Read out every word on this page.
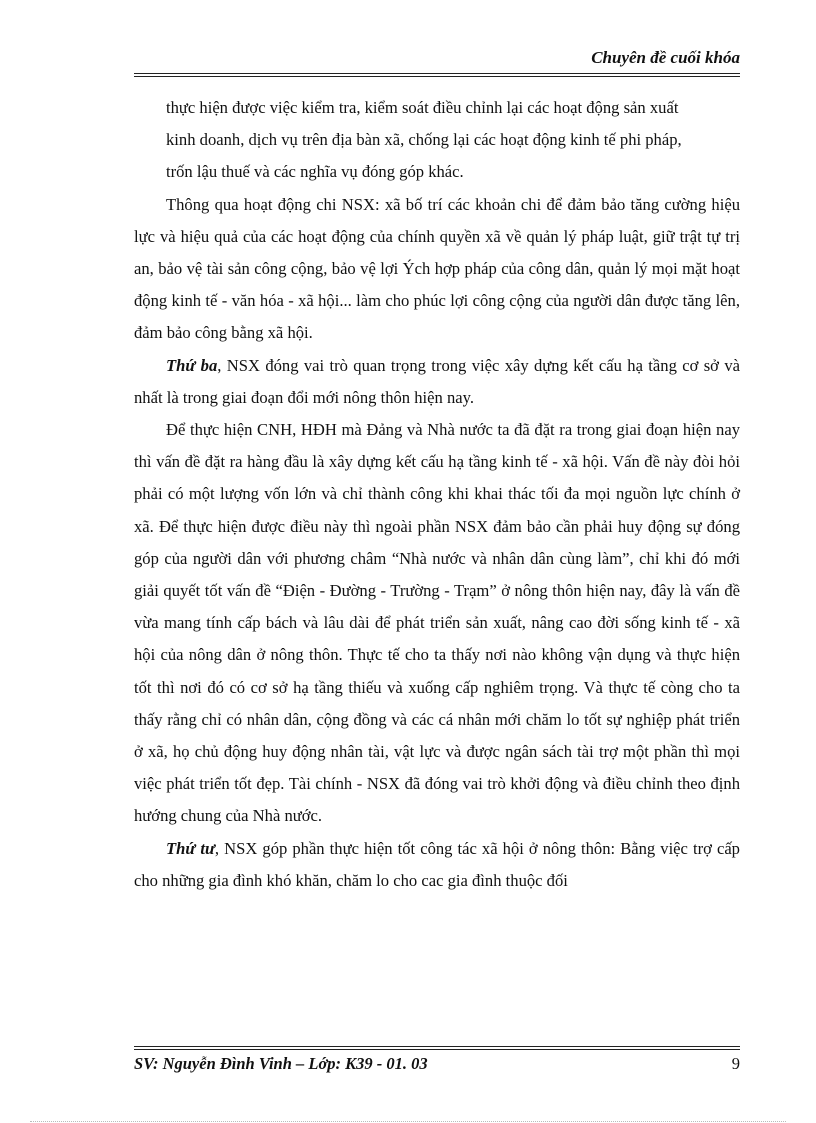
Chuyên đề cuối khóa

thực hiện được việc kiểm tra, kiểm soát điều chỉnh lại các hoạt động sản xuất

kinh doanh, dịch vụ trên địa bàn xã, chống lại các hoạt động kinh tế phi pháp,

trốn lậu thuế và các nghĩa vụ đóng góp khác.

Thông qua hoạt động chi NSX: xã bố trí các khoản chi để đảm bảo tăng cường hiệu lực và hiệu quả của các hoạt động của chính quyền xã về quản lý pháp luật, giữ trật tự trị an, bảo vệ tài sản công cộng, bảo vệ lợi Ých hợp pháp của công dân, quản lý mọi mặt hoạt động kinh tế - văn hóa - xã hội... làm cho phúc lợi công cộng của người dân được tăng lên, đảm bảo công bằng xã hội.

Thứ ba, NSX đóng vai trò quan trọng trong việc xây dựng kết cấu hạ tầng cơ sở và nhất là trong giai đoạn đổi mới nông thôn hiện nay.

Để thực hiện CNH, HĐH mà Đảng và Nhà nước ta đã đặt ra trong giai đoạn hiện nay thì vấn đề đặt ra hàng đầu là xây dựng kết cấu hạ tầng kinh tế - xã hội. Vấn đề này đòi hỏi phải có một lượng vốn lớn và chỉ thành công khi khai thác tối đa mọi nguồn lực chính ở xã. Để thực hiện được điều này thì ngoài phần NSX đảm bảo cần phải huy động sự đóng góp của người dân với phương châm “Nhà nước và nhân dân cùng làm”, chỉ khi đó mới giải quyết tốt vấn đề “Điện - Đường - Trường - Trạm” ở nông thôn hiện nay, đây là vấn đề vừa mang tính cấp bách và lâu dài để phát triển sản xuất, nâng cao đời sống kinh tế - xã hội của nông dân ở nông thôn. Thực tế cho ta thấy nơi nào không vận dụng và thực hiện tốt thì nơi đó có cơ sở hạ tầng thiếu và xuống cấp nghiêm trọng. Và thực tế còng cho ta thấy rằng chỉ có nhân dân, cộng đồng và các cá nhân mới chăm lo tốt sự nghiệp phát triển ở xã, họ chủ động huy động nhân tài, vật lực và được ngân sách tài trợ một phần thì mọi việc phát triển tốt đẹp. Tài chính - NSX đã đóng vai trò khởi động và điều chỉnh theo định hướng chung của Nhà nước.

Thứ tư, NSX góp phần thực hiện tốt công tác xã hội ở nông thôn: Bằng việc trợ cấp cho những gia đình khó khăn, chăm lo cho cac gia đình thuộc đối

SV: Nguyễn Đình Vinh – Lớp: K39 - 01. 03	9
